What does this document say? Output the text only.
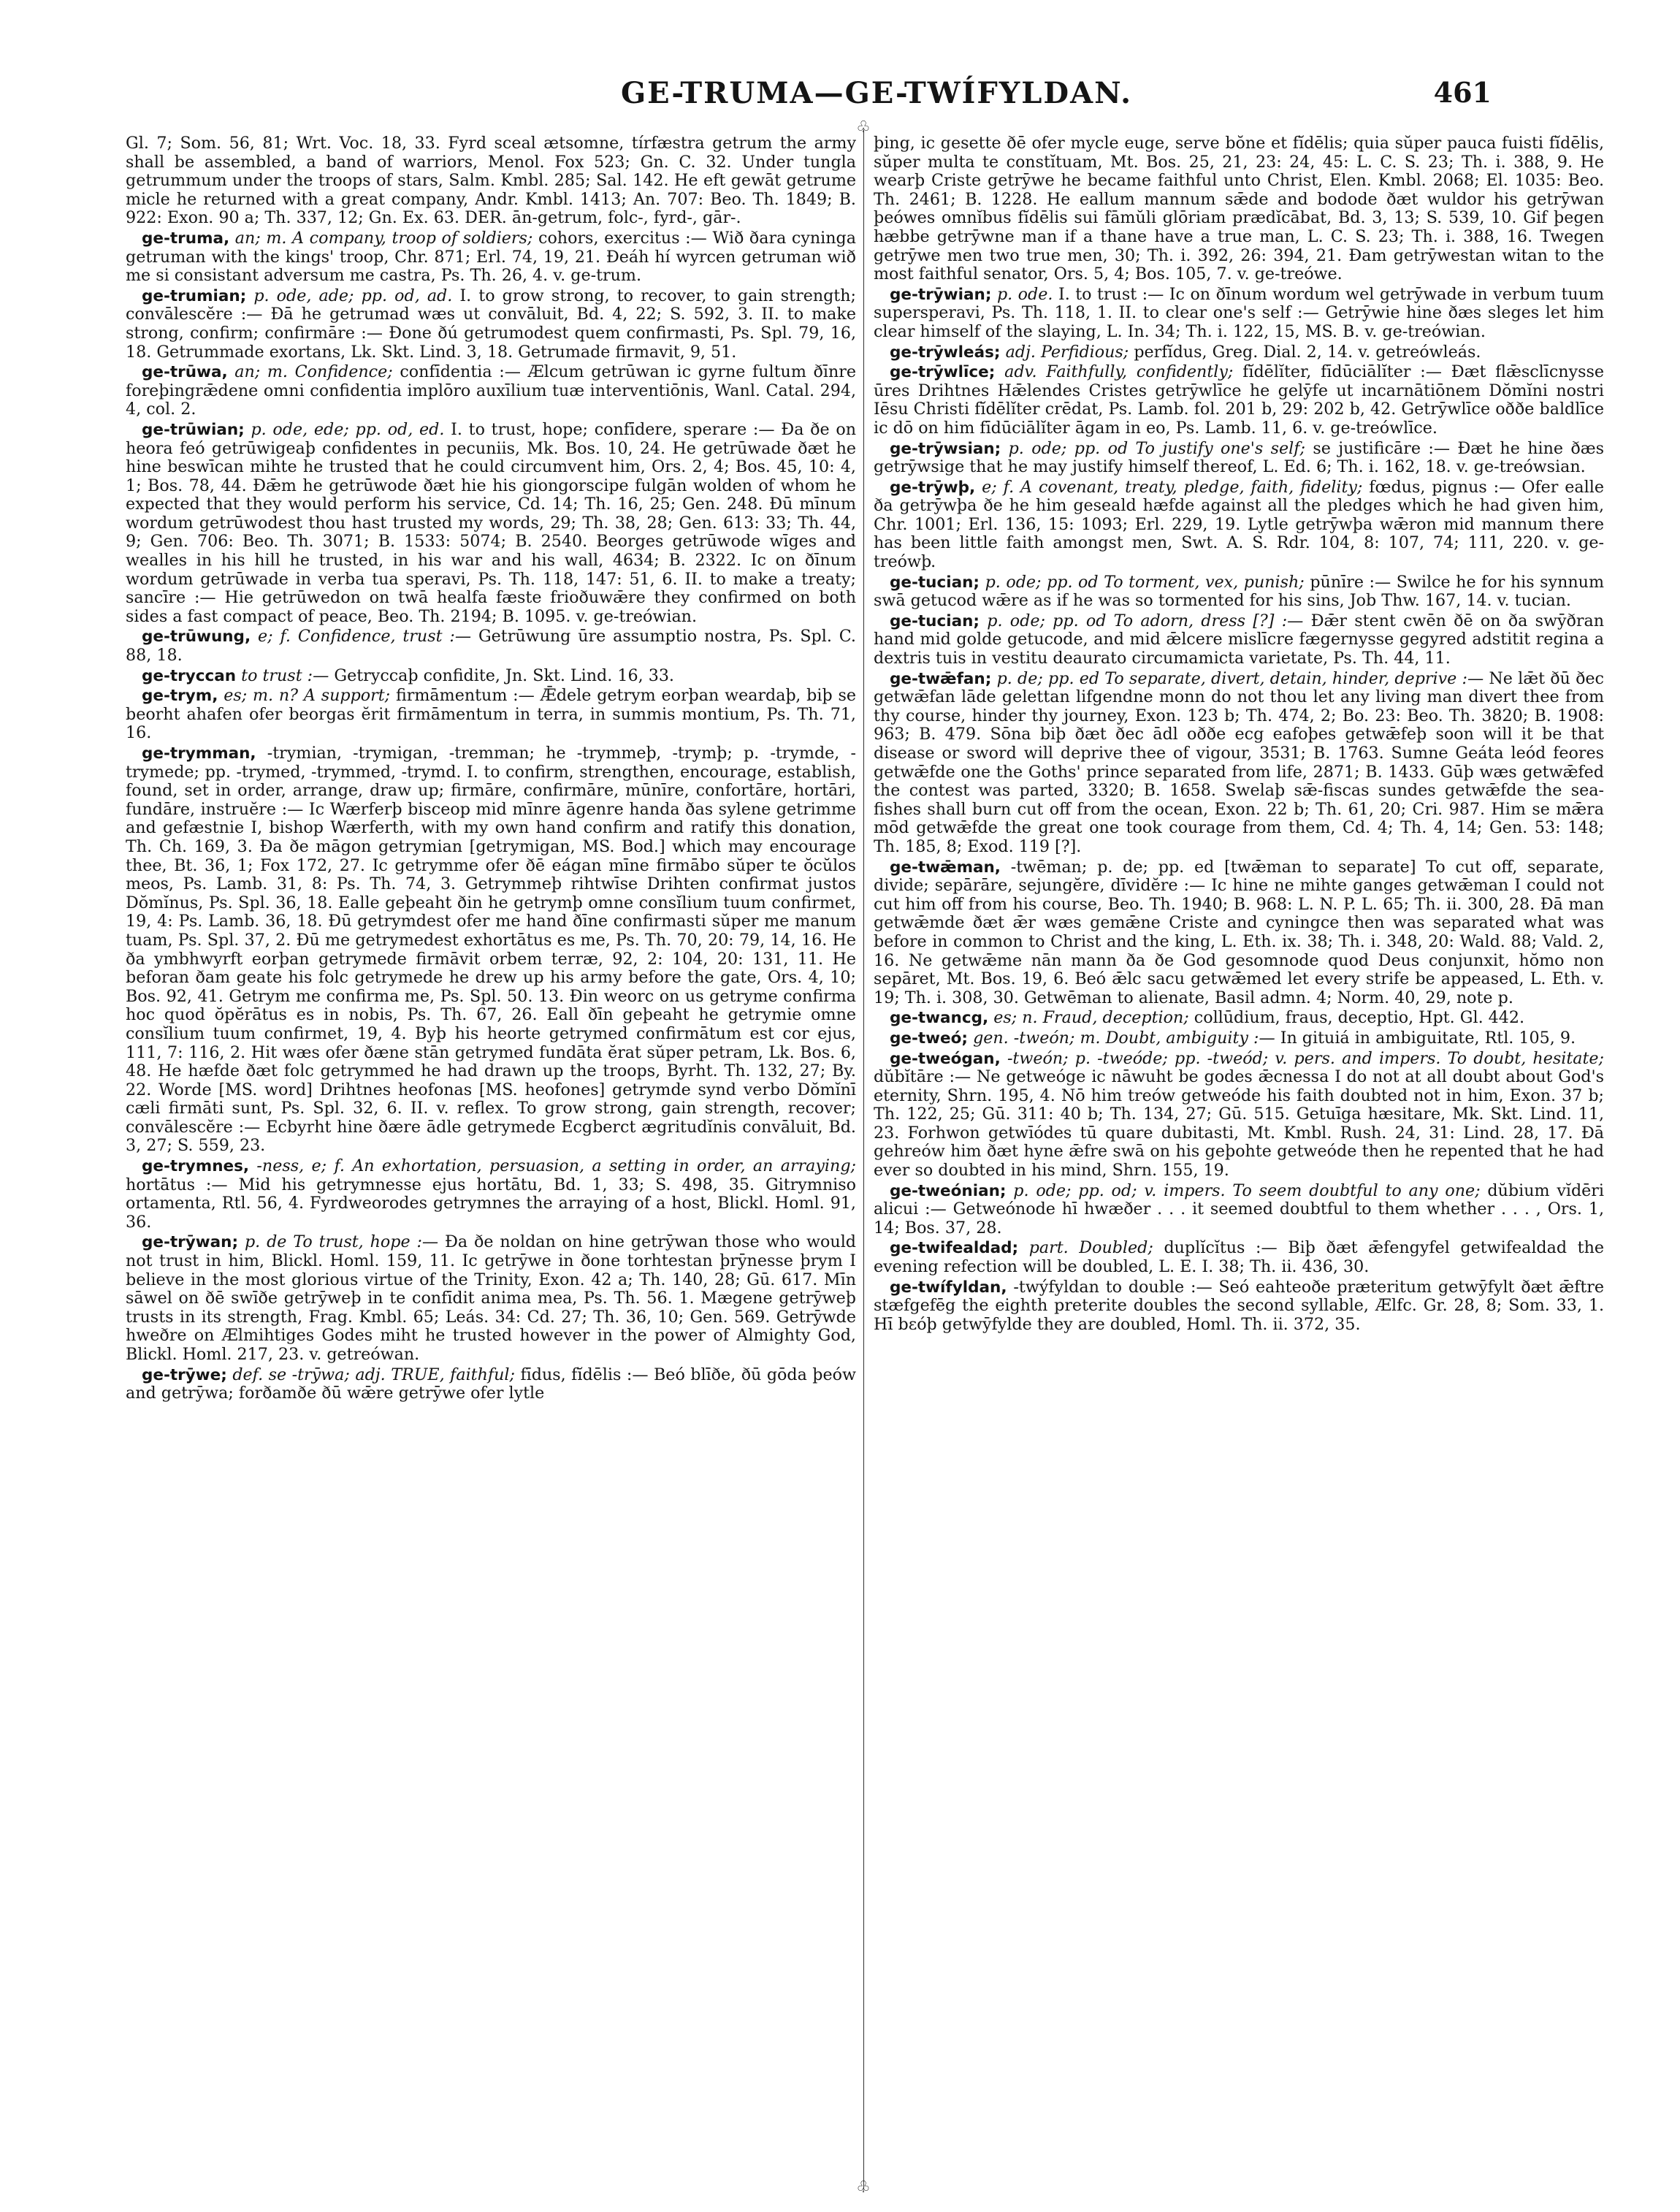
GE-TRUMA—GE-TWÍFYLDAN.	461
♧
♧

Gl. 7; Som. 56, 81; Wrt. Voc. 18, 33. Fyrd sceal ætsomne, tírfæstra getrum the army shall be assembled, a band of warriors, Menol. Fox 523; Gn. C. 32. Under tungla getrummum under the troops of stars, Salm. Kmbl. 285; Sal. 142. He eft gewāt getrume micle he returned with a great company, Andr. Kmbl. 1413; An. 707: Beo. Th. 1849; B. 922: Exon. 90 a; Th. 337, 12; Gn. Ex. 63. DER. ān-getrum, folc-, fyrd-, gār-.

ge-truma, an; m. A company, troop of soldiers; cohors, exercitus :— Wið ðara cyninga getruman with the kings' troop, Chr. 871; Erl. 74, 19, 21. Ðeáh hí wyrcen getruman wið me si consistant adversum me castra, Ps. Th. 26, 4. v. ge-trum.

ge-trumian; p. ode, ade; pp. od, ad. I. to grow strong, to recover, to gain strength; convālescĕre :— Ðā he getrumad wæs ut convāluit, Bd. 4, 22; S. 592, 3. II. to make strong, confirm; confirmāre :— Ðone ðú getrumodest quem confirmasti, Ps. Spl. 79, 16, 18. Getrummade exortans, Lk. Skt. Lind. 3, 18. Getrumade firmavit, 9, 51.

ge-trūwa, an; m. Confidence; confīdentia :— Ælcum getrūwan ic gyrne fultum ðīnre foreþingrǣdene omni confidentia implōro auxīlium tuæ interventiōnis, Wanl. Catal. 294, 4, col. 2.

ge-trūwian; p. ode, ede; pp. od, ed. I. to trust, hope; confīdere, sperare :— Ða ðe on heora feó getrūwigeaþ confidentes in pecuniis, Mk. Bos. 10, 24. He getrūwade ðæt he hine beswīcan mihte he trusted that he could circumvent him, Ors. 2, 4; Bos. 45, 10: 4, 1; Bos. 78, 44. Ðǣm he getrūwode ðæt hie his giongorscipe fulgān wolden of whom he expected that they would perform his service, Cd. 14; Th. 16, 25; Gen. 248. Ðū mīnum wordum getrūwodest thou hast trusted my words, 29; Th. 38, 28; Gen. 613: 33; Th. 44, 9; Gen. 706: Beo. Th. 3071; B. 1533: 5074; B. 2540. Beorges getrūwode wīges and wealles in his hill he trusted, in his war and his wall, 4634; B. 2322. Ic on ðīnum wordum getrūwade in verba tua speravi, Ps. Th. 118, 147: 51, 6. II. to make a treaty; sancīre :— Hie getrūwedon on twā healfa fæste frioðuwǣre they confirmed on both sides a fast compact of peace, Beo. Th. 2194; B. 1095. v. ge-treówian.

ge-trūwung, e; f. Confidence, trust :— Getrūwung ūre assumptio nostra, Ps. Spl. C. 88, 18.

ge-tryccan to trust :— Getryccaþ confidite, Jn. Skt. Lind. 16, 33.

ge-trym, es; m. n? A support; firmāmentum :— Ǣdele getrym eorþan weardaþ, biþ se beorht ahafen ofer beorgas ĕrit firmāmentum in terra, in summis montium, Ps. Th. 71, 16.

ge-trymman, -trymian, -trymigan, -tremman; he -trymmeþ, -trymþ; p. -trymde, -trymede; pp. -trymed, -trymmed, -trymd. I. to confirm, strengthen, encourage, establish, found, set in order, arrange, draw up; firmāre, confirmāre, mūnīre, confortāre, hortāri, fundāre, instruĕre :— Ic Wærferþ bisceop mid mīnre āgenre handa ðas sylene getrimme and gefæstnie I, bishop Wærferth, with my own hand confirm and ratify this donation, Th. Ch. 169, 3. Ða ðe māgon getrymian [getrymigan, MS. Bod.] which may encourage thee, Bt. 36, 1; Fox 172, 27. Ic getrymme ofer ðē eágan mīne firmābo sŭper te ŏcŭlos meos, Ps. Lamb. 31, 8: Ps. Th. 74, 3. Getrymmeþ rihtwīse Drihten confirmat justos Dŏmĭnus, Ps. Spl. 36, 18. Ealle geþeaht ðin he getrymþ omne consĭlium tuum confirmet, 19, 4: Ps. Lamb. 36, 18. Ðū getrymdest ofer me hand ðīne confirmasti sŭper me manum tuam, Ps. Spl. 37, 2. Ðū me getrymedest exhortātus es me, Ps. Th. 70, 20: 79, 14, 16. He ða ymbhwyrft eorþan getrymede firmāvit orbem terræ, 92, 2: 104, 20: 131, 11. He beforan ðam geate his folc getrymede he drew up his army before the gate, Ors. 4, 10; Bos. 92, 41. Getrym me confirma me, Ps. Spl. 50. 13. Ðin weorc on us getryme confirma hoc quod ŏpĕrātus es in nobis, Ps. Th. 67, 26. Eall ðīn geþeaht he getrymie omne consĭlium tuum confirmet, 19, 4. Byþ his heorte getrymed confirmātum est cor ejus, 111, 7: 116, 2. Hit wæs ofer ðæne stān getrymed fundāta ĕrat sŭper petram, Lk. Bos. 6, 48. He hæfde ðæt folc getrymmed he had drawn up the troops, Byrht. Th. 132, 27; By. 22. Worde [MS. word] Drihtnes heofonas [MS. heofones] getrymde synd verbo Dŏmĭnī cæli firmāti sunt, Ps. Spl. 32, 6. II. v. reflex. To grow strong, gain strength, recover; convālescĕre :— Ecbyrht hine ðære ādle getrymede Ecgberct ægritudĭnis convāluit, Bd. 3, 27; S. 559, 23.

ge-trymnes, -ness, e; f. An exhortation, persuasion, a setting in order, an arraying; hortātus :— Mid his getrymnesse ejus hortātu, Bd. 1, 33; S. 498, 35. Gitrymniso ortamenta, Rtl. 56, 4. Fyrdweorodes getrymnes the arraying of a host, Blickl. Homl. 91, 36.

ge-trȳwan; p. de To trust, hope :— Ða ðe noldan on hine getrȳwan those who would not trust in him, Blickl. Homl. 159, 11. Ic getrȳwe in ðone torhtestan þrȳnesse þrym I believe in the most glorious virtue of the Trinity, Exon. 42 a; Th. 140, 28; Gū. 617. Mīn sāwel on ðē swīðe getrȳweþ in te confīdit anima mea, Ps. Th. 56. 1. Mægene getrȳweþ trusts in its strength, Frag. Kmbl. 65; Leás. 34: Cd. 27; Th. 36, 10; Gen. 569. Getrȳwde hweðre on Ælmihtiges Godes miht he trusted however in the power of Almighty God, Blickl. Homl. 217, 23. v. getreówan.

ge-trȳwe; def. se -trȳwa; adj. TRUE, faithful; fīdus, fĭdēlis :— Beó blīðe, ðū gōda þeów and getrȳwa; forðamðe ðū wǣre getrȳwe ofer lytle

þing, ic gesette ðē ofer mycle euge, serve bŏne et fĭdēlis; quia sŭper pauca fuisti fĭdēlis, sŭper multa te constĭtuam, Mt. Bos. 25, 21, 23: 24, 45: L. C. S. 23; Th. i. 388, 9. He wearþ Criste getrȳwe he became faithful unto Christ, Elen. Kmbl. 2068; El. 1035: Beo. Th. 2461; B. 1228. He eallum mannum sǣde and bodode ðæt wuldor his getrȳwan þeówes omnĭbus fĭdēlis sui fāmŭli glōriam prædĭcābat, Bd. 3, 13; S. 539, 10. Gif þegen hæbbe getrȳwne man if a thane have a true man, L. C. S. 23; Th. i. 388, 16. Twegen getrȳwe men two true men, 30; Th. i. 392, 26: 394, 21. Ðam getrȳwestan witan to the most faithful senator, Ors. 5, 4; Bos. 105, 7. v. ge-treówe.

ge-trȳwian; p. ode. I. to trust :— Ic on ðīnum wordum wel getrȳwade in verbum tuum supersperavi, Ps. Th. 118, 1. II. to clear one's self :— Getrȳwie hine ðæs sleges let him clear himself of the slaying, L. In. 34; Th. i. 122, 15, MS. B. v. ge-treówian.

ge-trȳwleás; adj. Perfidious; perfĭdus, Greg. Dial. 2, 14. v. getreówleás.

ge-trȳwlīce; adv. Faithfully, confidently; fĭdēlĭter, fīdūciālĭter :— Ðæt flǣsclīcnysse ūres Drihtnes Hǣlendes Cristes getrȳwlīce he gelȳfe ut incarnātiōnem Dŏmĭni nostri Iēsu Christi fĭdēlĭter crēdat, Ps. Lamb. fol. 201 b, 29: 202 b, 42. Getrȳwlīce oððe baldlīce ic dō on him fīdūciālĭter āgam in eo, Ps. Lamb. 11, 6. v. ge-treówlīce.

ge-trȳwsian; p. ode; pp. od To justify one's self; se justificāre :— Ðæt he hine ðæs getrȳwsige that he may justify himself thereof, L. Ed. 6; Th. i. 162, 18. v. ge-treówsian.

ge-trȳwþ, e; f. A covenant, treaty, pledge, faith, fidelity; fœdus, pignus :— Ofer ealle ða getrȳwþa ðe he him geseald hæfde against all the pledges which he had given him, Chr. 1001; Erl. 136, 15: 1093; Erl. 229, 19. Lytle getrȳwþa wǣron mid mannum there has been little faith amongst men, Swt. A. S. Rdr. 104, 8: 107, 74; 111, 220. v. ge-treówþ.

ge-tucian; p. ode; pp. od To torment, vex, punish; pūnīre :— Swilce he for his synnum swā getucod wǣre as if he was so tormented for his sins, Job Thw. 167, 14. v. tucian.

ge-tucian; p. ode; pp. od To adorn, dress [?] :— Ðǣr stent cwēn ðē on ða swȳðran hand mid golde getucode, and mid ǣlcere mislīcre fægernysse gegyred adstitit regina a dextris tuis in vestitu deaurato circumamicta varietate, Ps. Th. 44, 11.

ge-twǣfan; p. de; pp. ed To separate, divert, detain, hinder, deprive :— Ne lǣt ðū ðec getwǣfan lāde gelettan lifgendne monn do not thou let any living man divert thee from thy course, hinder thy journey, Exon. 123 b; Th. 474, 2; Bo. 23: Beo. Th. 3820; B. 1908: 963; B. 479. Sōna biþ ðæt ðec ādl oððe ecg eafoþes getwǣfeþ soon will it be that disease or sword will deprive thee of vigour, 3531; B. 1763. Sumne Geáta leód feores getwǣfde one the Goths' prince separated from life, 2871; B. 1433. Gūþ wæs getwǣfed the contest was parted, 3320; B. 1658. Swelaþ sǣ-fiscas sundes getwǣfde the sea-fishes shall burn cut off from the ocean, Exon. 22 b; Th. 61, 20; Cri. 987. Him se mǣra mōd getwǣfde the great one took courage from them, Cd. 4; Th. 4, 14; Gen. 53: 148; Th. 185, 8; Exod. 119 [?].

ge-twǣman, -twēman; p. de; pp. ed [twǣman to separate] To cut off, separate, divide; sepārāre, sejungĕre, dīvidĕre :— Ic hine ne mihte ganges getwǣman I could not cut him off from his course, Beo. Th. 1940; B. 968: L. N. P. L. 65; Th. ii. 300, 28. Ðā man getwǣmde ðæt ǣr wæs gemǣne Criste and cyningce then was separated what was before in common to Christ and the king, L. Eth. ix. 38; Th. i. 348, 20: Wald. 88; Vald. 2, 16. Ne getwǣme nān mann ða ðe God gesomnode quod Deus conjunxit, hŏmo non sepāret, Mt. Bos. 19, 6. Beó ǣlc sacu getwǣmed let every strife be appeased, L. Eth. v. 19; Th. i. 308, 30. Getwēman to alienate, Basil admn. 4; Norm. 40, 29, note p.

ge-twancg, es; n. Fraud, deception; collūdium, fraus, deceptio, Hpt. Gl. 442.

ge-tweó; gen. -tweón; m. Doubt, ambiguity :— In gituiá in ambiguitate, Rtl. 105, 9.

ge-tweógan, -tweón; p. -tweóde; pp. -tweód; v. pers. and impers. To doubt, hesitate; dŭbĭtāre :— Ne getweóge ic nāwuht be godes ǣcnessa I do not at all doubt about God's eternity, Shrn. 195, 4. Nō him treów getweóde his faith doubted not in him, Exon. 37 b; Th. 122, 25; Gū. 311: 40 b; Th. 134, 27; Gū. 515. Getuīga hæsitare, Mk. Skt. Lind. 11, 23. Forhwon getwīódes tū quare dubitasti, Mt. Kmbl. Rush. 24, 31: Lind. 28, 17. Ðā gehreów him ðæt hyne ǣfre swā on his geþohte getweóde then he repented that he had ever so doubted in his mind, Shrn. 155, 19.

ge-tweónian; p. ode; pp. od; v. impers. To seem doubtful to any one; dŭbium vĭdēri alicui :— Getweónode hī hwæðer . . . it seemed doubtful to them whether . . . , Ors. 1, 14; Bos. 37, 28.

ge-twifealdad; part. Doubled; duplĭcĭtus :— Biþ ðæt ǣfengyfel getwifealdad the evening refection will be doubled, L. E. I. 38; Th. ii. 436, 30.

ge-twífyldan, -twýfyldan to double :— Seó eahteoðe præteritum getwȳfylt ðæt ǣftre stæfgefēg the eighth preterite doubles the second syllable, Ælfc. Gr. 28, 8; Som. 33, 1. Hī bεóþ getwȳfylde they are doubled, Homl. Th. ii. 372, 35.
